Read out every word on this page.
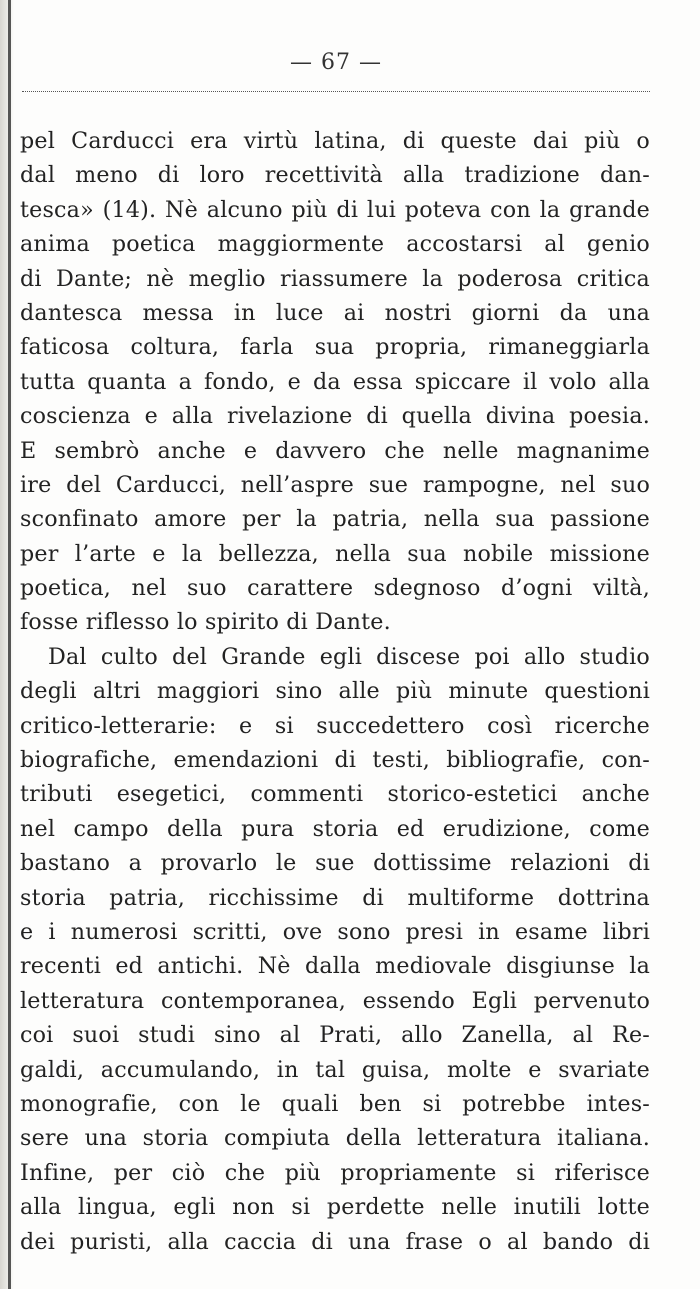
— 67 —
pel Carducci era virtù latina, di queste dai più o
dal meno di loro recettività alla tradizione dan-
tesca» (14). Nè alcuno più di lui poteva con la grande
anima poetica maggiormente accostarsi al genio
di Dante; nè meglio riassumere la poderosa critica
dantesca messa in luce ai nostri giorni da una
faticosa coltura, farla sua propria, rimaneggiarla
tutta quanta a fondo, e da essa spiccare il volo alla
coscienza e alla rivelazione di quella divina poesia.
E sembrò anche e davvero che nelle magnanime
ire del Carducci, nell’aspre sue rampogne, nel suo
sconfinato amore per la patria, nella sua passione
per l’arte e la bellezza, nella sua nobile missione
poetica, nel suo carattere sdegnoso d’ogni viltà,
fosse riflesso lo spirito di Dante.
Dal culto del Grande egli discese poi allo studio
degli altri maggiori sino alle più minute questioni
critico-letterarie: e si succedettero così ricerche
biografiche, emendazioni di testi, bibliografie, con-
tributi esegetici, commenti storico-estetici anche
nel campo della pura storia ed erudizione, come
bastano a provarlo le sue dottissime relazioni di
storia patria, ricchissime di multiforme dottrina
e i numerosi scritti, ove sono presi in esame libri
recenti ed antichi. Nè dalla mediovale disgiunse la
letteratura contemporanea, essendo Egli pervenuto
coi suoi studi sino al Prati, allo Zanella, al Re-
galdi, accumulando, in tal guisa, molte e svariate
monografie, con le quali ben si potrebbe intes-
sere una storia compiuta della letteratura italiana.
Infine, per ciò che più propriamente si riferisce
alla lingua, egli non si perdette nelle inutili lotte
dei puristi, alla caccia di una frase o al bando di
